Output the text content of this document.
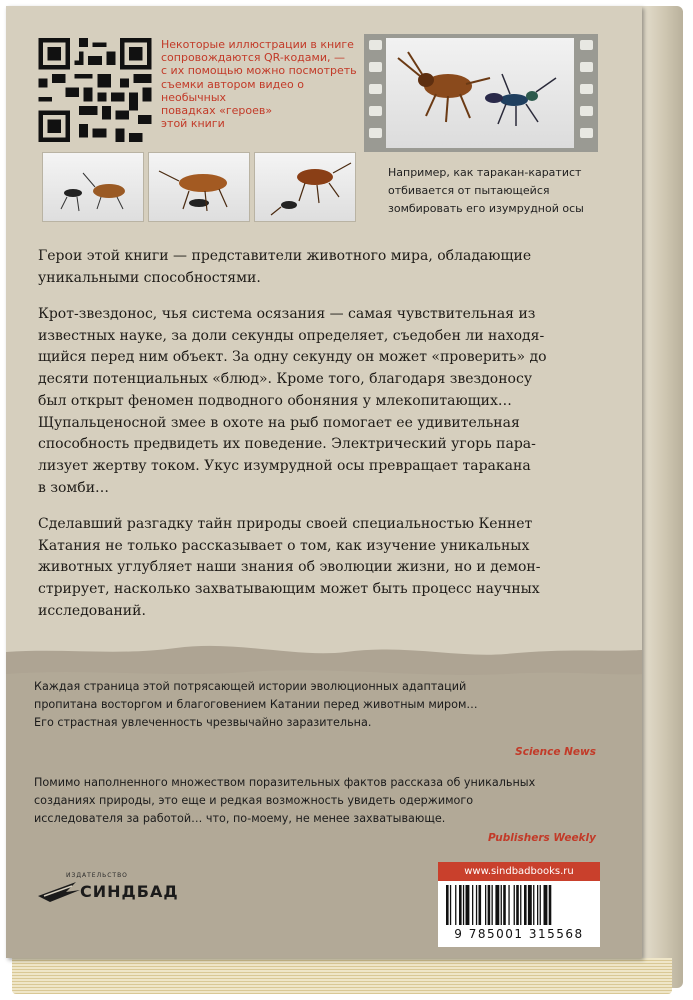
Некоторые иллюстрации в книге
сопровождаются QR-кодами, —
с их помощью можно посмотреть
съемки автором видео о необычных
повадках «героев»
этой книги

Например, как таракан-каратист
отбивается от пытающейся
зомбировать его изумрудной осы

Герои этой книги — представители животного мира, обладающие
уникальными способностями.

Крот-звездонос, чья система осязания — самая чувствительная из
известных науке, за доли секунды определяет, съедобен ли находя-
щийся перед ним объект. За одну секунду он может «проверить» до
десяти потенциальных «блюд». Кроме того, благодаря звездоносу
был открыт феномен подводного обоняния у млекопитающих…
Щупальценосной змее в охоте на рыб помогает ее удивительная
способность предвидеть их поведение. Электрический угорь пара-
лизует жертву током. Укус изумрудной осы превращает таракана
в зомби…

Сделавший разгадку тайн природы своей специальностью Кеннет
Катания не только рассказывает о том, как изучение уникальных
животных углубляет наши знания об эволюции жизни, но и демон-
стрирует, насколько захватывающим может быть процесс научных
исследований.

Каждая страница этой потрясающей истории эволюционных адаптаций
пропитана восторгом и благоговением Катании перед животным миром…
Его страстная увлеченность чрезвычайно заразительна.

Science News

Помимо наполненного множеством поразительных фактов рассказа об уникальных
созданиях природы, это еще и редкая возможность увидеть одержимого
исследователя за работой… что, по-моему, не менее захватывающе.

Publishers Weekly

ИЗДАТЕЛЬСТВО
СИНДБАД
www.sindbadbooks.ru
9 785001 315568
